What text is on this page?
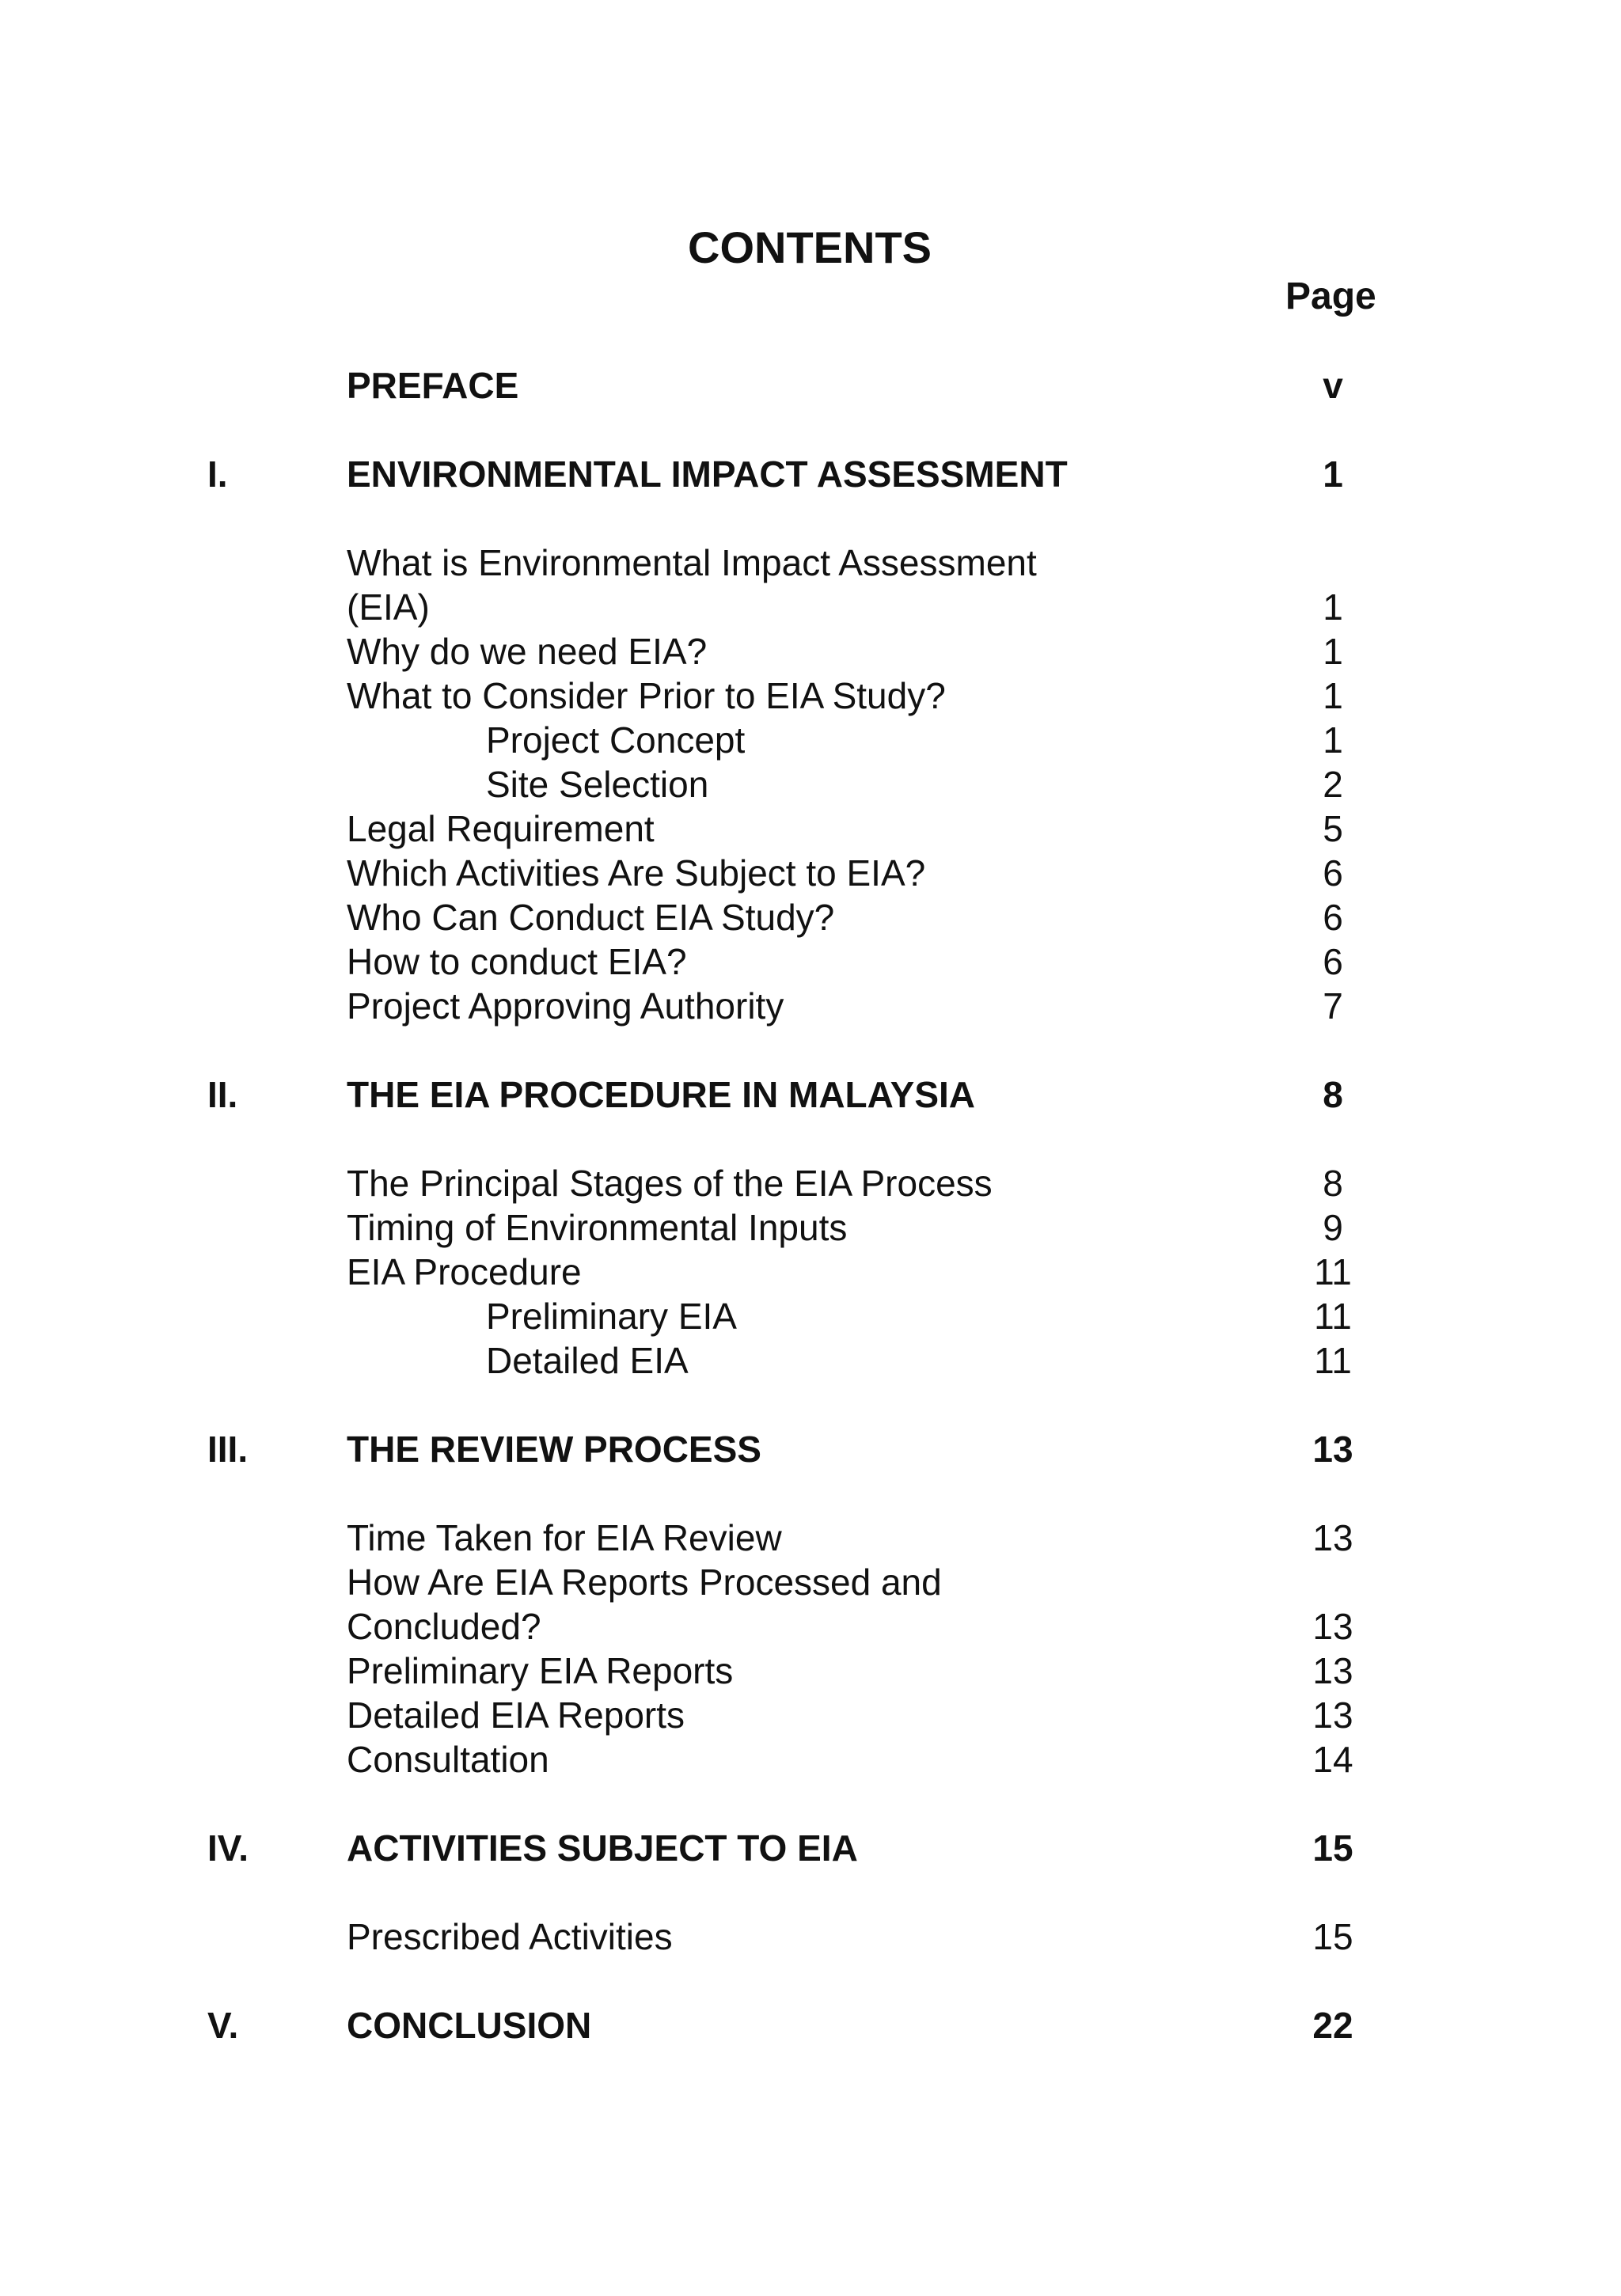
CONTENTS
Page
PREFACE	v
I.	ENVIRONMENTAL IMPACT ASSESSMENT	1
What is Environmental Impact Assessment
(EIA)	1
Why do we need EIA?	1
What to Consider Prior to EIA Study?	1
Project Concept	1
Site Selection	2
Legal Requirement	5
Which Activities Are Subject to EIA?	6
Who Can Conduct EIA Study?	6
How to conduct EIA?	6
Project Approving Authority	7
II.	THE EIA PROCEDURE IN MALAYSIA	8
The Principal Stages of the EIA Process	8
Timing of Environmental Inputs	9
EIA Procedure	11
Preliminary EIA	11
Detailed EIA	11
III.	THE REVIEW PROCESS	13
Time Taken for EIA Review	13
How Are EIA Reports Processed and
Concluded?	13
Preliminary EIA Reports	13
Detailed EIA Reports	13
Consultation	14
IV.	ACTIVITIES SUBJECT TO EIA	15
Prescribed Activities	15
V.	CONCLUSION	22
